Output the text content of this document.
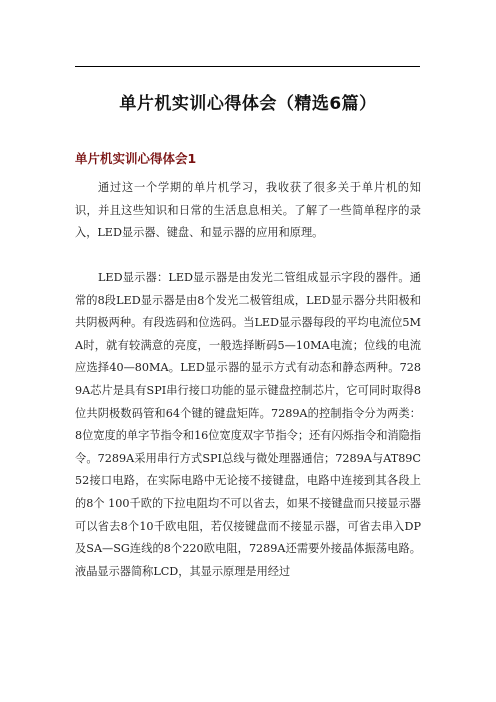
单片机实训心得体会（精选6篇）
单片机实训心得体会1

通过这一个学期的单片机学习，我收获了很多关于单片机的知识，并且这些知识和日常的生活息息相关。了解了一些简单程序的录入，LED显示器、键盘、和显示器的应用和原理。

LED显示器：LED显示器是由发光二管组成显示字段的器件。通常的8段LED显示器是由8个发光二极管组成，LED显示器分共阳极和共阴极两种。有段选码和位选码。当LED显示器每段的平均电流位5MA时，就有较满意的亮度，一般选择断码5—10MA电流；位线的电流应选择40—80MA。LED显示器的显示方式有动态和静态两种。7289A芯片是具有SPI串行接口功能的显示键盘控制芯片，它可同时取得8位共阴极数码管和64个键的键盘矩阵。7289A的控制指令分为两类：8位宽度的单字节指令和16位宽度双字节指令；还有闪烁指令和消隐指令。7289A采用串行方式SPI总线与微处理器通信；7289A与AT89C52接口电路，在实际电路中无论接不接键盘，电路中连接到其各段上的8个 100千欧的下拉电阻均不可以省去，如果不接键盘而只接显示器可以省去8个10千欧电阻，若仅接键盘而不接显示器，可省去串入DP及SA—SG连线的8个220欧电阻，7289A还需要外接晶体振荡电路。液晶显示器简称LCD，其显示原理是用经过
